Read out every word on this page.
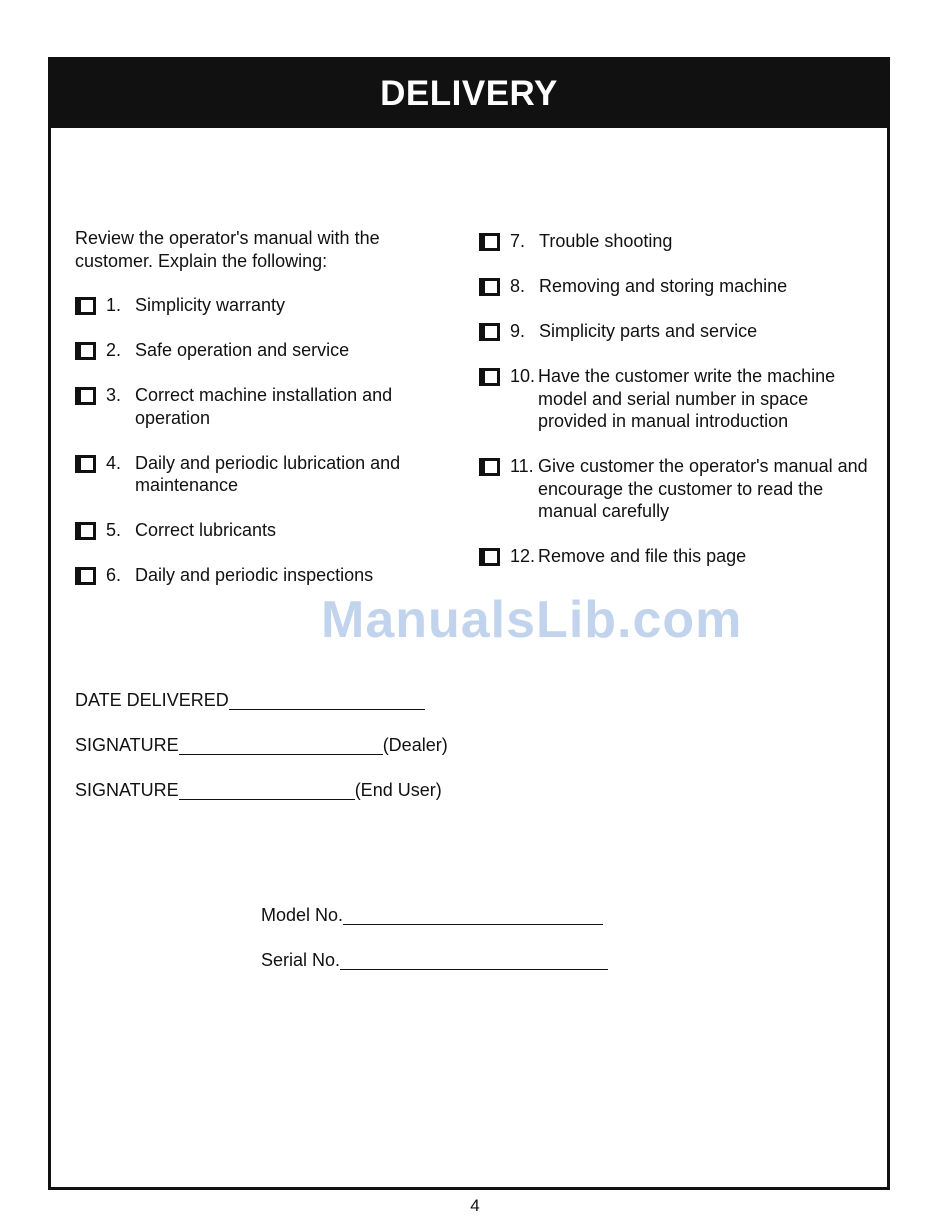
DELIVERY

Review the operator's manual with the customer. Explain the following:

1. Simplicity warranty
2. Safe operation and service
3. Correct machine installation and operation
4. Daily and periodic lubrication and maintenance
5. Correct lubricants
6. Daily and periodic inspections
7. Trouble shooting
8. Removing and storing machine
9. Simplicity parts and service
10. Have the customer write the machine model and serial number in space provided in manual introduction
11. Give customer the operator's manual and encourage the customer to read the manual carefully
12. Remove and file this page
ManualsLib.com
DATE DELIVERED
SIGNATURE	(Dealer)
SIGNATURE	(End User)
Model No.
Serial No.
4
